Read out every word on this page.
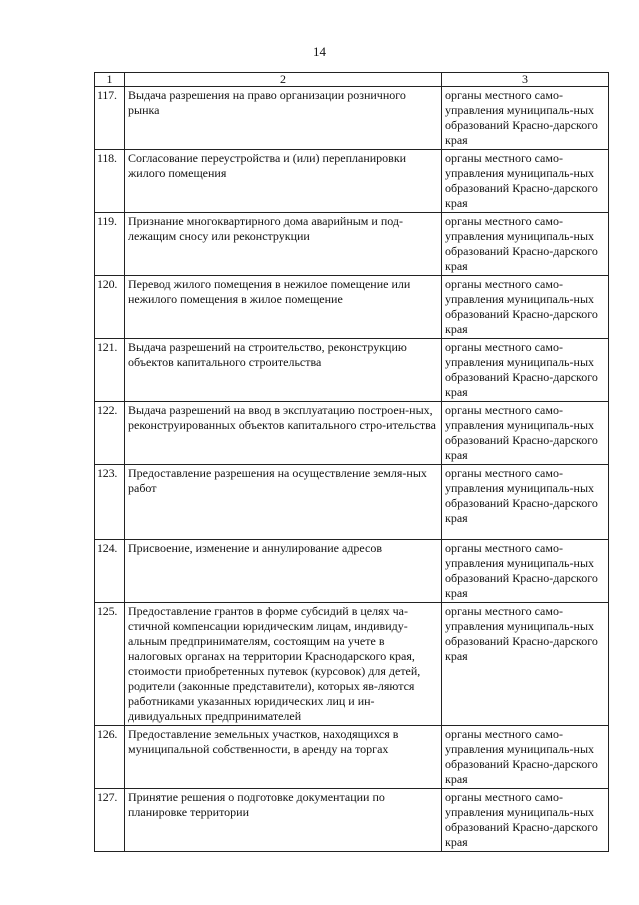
14
1	2	3
117.	Выдача разрешения на право организации розничного рынка	органы местного само-управления муниципаль-ных образований Красно-дарского края
118.	Согласование переустройства и (или) перепланировки жилого помещения	органы местного само-управления муниципаль-ных образований Красно-дарского края
119.	Признание многоквартирного дома аварийным и под-лежащим сносу или реконструкции	органы местного само-управления муниципаль-ных образований Красно-дарского края
120.	Перевод жилого помещения в нежилое помещение или нежилого помещения в жилое помещение	органы местного само-управления муниципаль-ных образований Красно-дарского края
121.	Выдача разрешений на строительство, реконструкцию объектов капитального строительства	органы местного само-управления муниципаль-ных образований Красно-дарского края
122.	Выдача разрешений на ввод в эксплуатацию построен-ных, реконструированных объектов капитального стро-ительства	органы местного само-управления муниципаль-ных образований Красно-дарского края
123.	Предоставление разрешения на осуществление земля-ных работ	органы местного само-управления муниципаль-ных образований Красно-дарского края
124.	Присвоение, изменение и аннулирование адресов	органы местного само-управления муниципаль-ных образований Красно-дарского края
125.	Предоставление грантов в форме субсидий в целях ча-стичной компенсации юридическим лицам, индивиду-альным предпринимателям, состоящим на учете в налоговых органах на территории Краснодарского края, стоимости приобретенных путевок (курсовок) для детей, родители (законные представители), которых яв-ляются работниками указанных юридических лиц и ин-дивидуальных предпринимателей	органы местного само-управления муниципаль-ных образований Красно-дарского края
126.	Предоставление земельных участков, находящихся в муниципальной собственности, в аренду на торгах	органы местного само-управления муниципаль-ных образований Красно-дарского края
127.	Принятие решения о подготовке документации по планировке территории	органы местного само-управления муниципаль-ных образований Красно-дарского края
